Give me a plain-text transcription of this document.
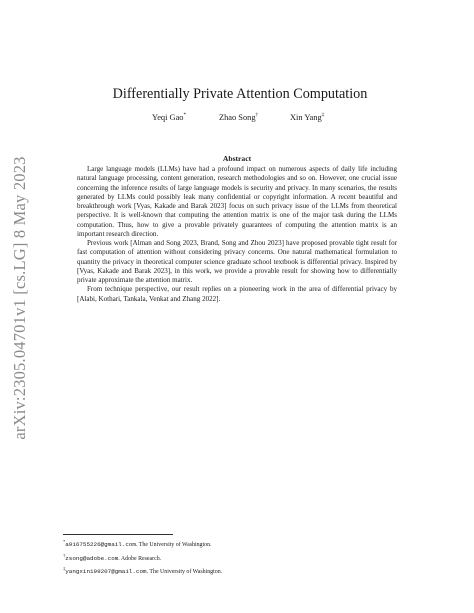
arXiv:2305.04701v1 [cs.LG] 8 May 2023
Differentially Private Attention Computation
Yeqi Gao*	Zhao Song†	Xin Yang‡
Abstract

Large language models (LLMs) have had a profound impact on numerous aspects of daily life including natural language processing, content generation, research methodologies and so on. However, one crucial issue concerning the inference results of large language models is security and privacy. In many scenarios, the results generated by LLMs could possibly leak many confidential or copyright information. A recent beautiful and breakthrough work [Vyas, Kakade and Barak 2023] focus on such privacy issue of the LLMs from theoretical perspective. It is well-known that computing the attention matrix is one of the major task during the LLMs computation. Thus, how to give a provable privately guarantees of computing the attention matrix is an important research direction.

Previous work [Alman and Song 2023, Brand, Song and Zhou 2023] have proposed provable tight result for fast computation of attention without considering privacy concerns. One natural mathematical formulation to quantity the privacy in theoretical computer science graduate school textbook is differential privacy. Inspired by [Vyas, Kakade and Barak 2023], in this work, we provide a provable result for showing how to differentially private approximate the attention matrix.

From technique perspective, our result replies on a pioneering work in the area of differential privacy by [Alabi, Kothari, Tankala, Venkat and Zhang 2022].

*a916755226@gmail.com. The University of Washington.
†zsong@adobe.com. Adobe Research.
‡yangxin199207@gmail.com. The University of Washington.
